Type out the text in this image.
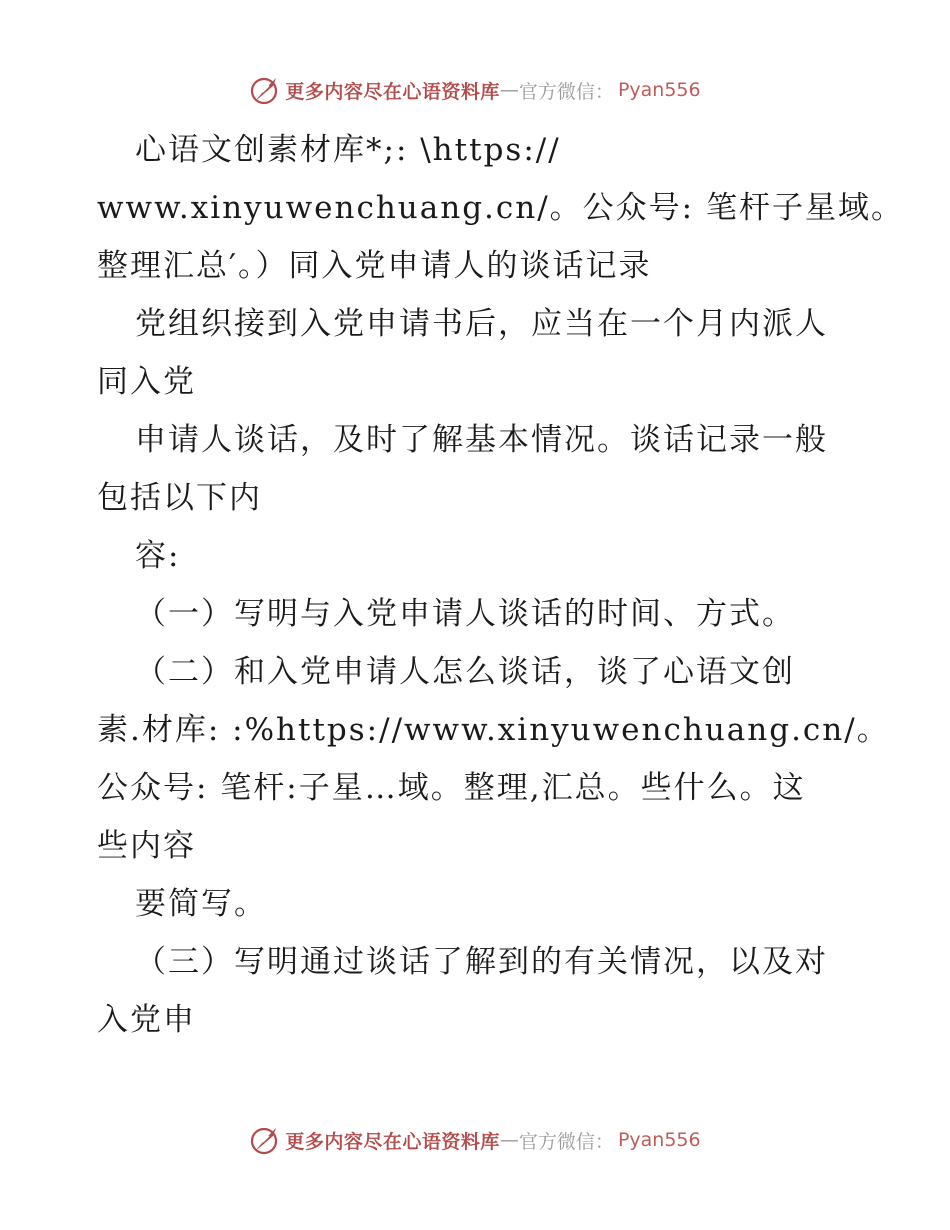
更多内容尽在心语资料库 — 官方微信： Pyan556
心语文创素材库*;: \https://
www.xinyuwenchuang.cn/。公众号: 笔杆子星域。
整理汇总′。）同入党申请人的谈话记录
党组织接到入党申请书后，应当在一个月内派人
同入党
申请人谈话，及时了解基本情况。谈话记录一般
包括以下内
容:
（一）写明与入党申请人谈话的时间、方式。
（二）和入党申请人怎么谈话，谈了心语文创
素.材库: :%https://www.xinyuwenchuang.cn/。
公众号: 笔杆:子星…域。整理,汇总。些什么。这
些内容
要简写。
（三）写明通过谈话了解到的有关情况，以及对
入党申
更多内容尽在心语资料库 — 官方微信： Pyan556
